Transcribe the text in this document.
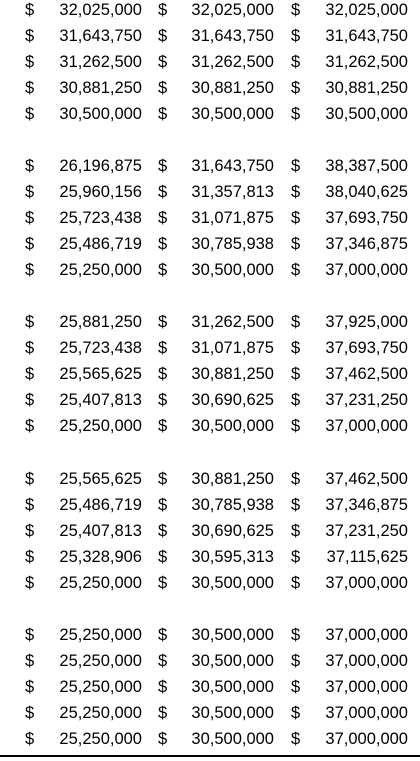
$ 32,025,000 $ 32,025,000 $ 32,025,000
$ 31,643,750 $ 31,643,750 $ 31,643,750
$ 31,262,500 $ 31,262,500 $ 31,262,500
$ 30,881,250 $ 30,881,250 $ 30,881,250
$ 30,500,000 $ 30,500,000 $ 30,500,000
$ 26,196,875 $ 31,643,750 $ 38,387,500
$ 25,960,156 $ 31,357,813 $ 38,040,625
$ 25,723,438 $ 31,071,875 $ 37,693,750
$ 25,486,719 $ 30,785,938 $ 37,346,875
$ 25,250,000 $ 30,500,000 $ 37,000,000
$ 25,881,250 $ 31,262,500 $ 37,925,000
$ 25,723,438 $ 31,071,875 $ 37,693,750
$ 25,565,625 $ 30,881,250 $ 37,462,500
$ 25,407,813 $ 30,690,625 $ 37,231,250
$ 25,250,000 $ 30,500,000 $ 37,000,000
$ 25,565,625 $ 30,881,250 $ 37,462,500
$ 25,486,719 $ 30,785,938 $ 37,346,875
$ 25,407,813 $ 30,690,625 $ 37,231,250
$ 25,328,906 $ 30,595,313 $ 37,115,625
$ 25,250,000 $ 30,500,000 $ 37,000,000
$ 25,250,000 $ 30,500,000 $ 37,000,000
$ 25,250,000 $ 30,500,000 $ 37,000,000
$ 25,250,000 $ 30,500,000 $ 37,000,000
$ 25,250,000 $ 30,500,000 $ 37,000,000
$ 25,250,000 $ 30,500,000 $ 37,000,000
